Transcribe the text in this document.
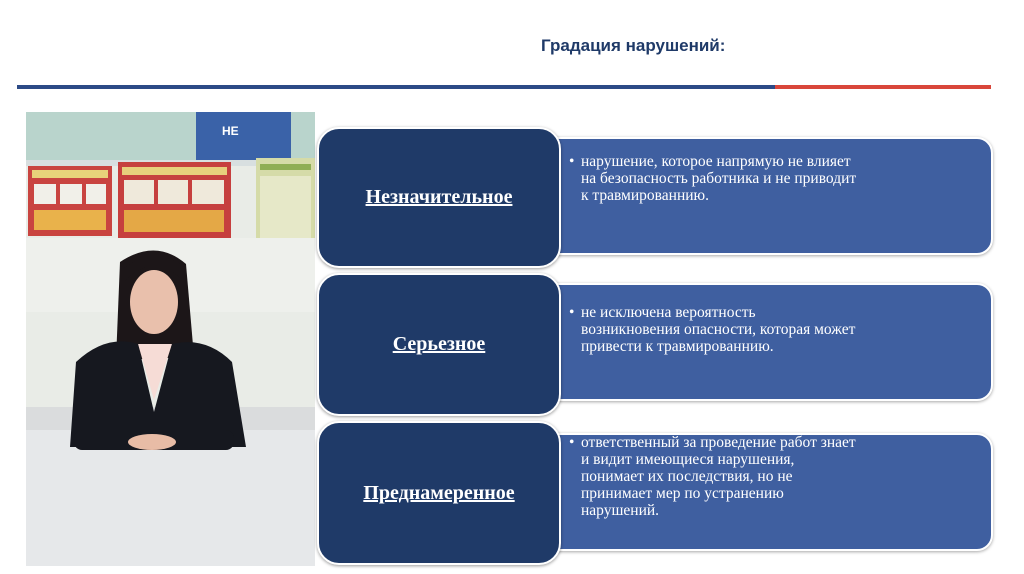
Градация нарушений:
НЕ
• нарушение, которое напрямую не влияет
на безопасность работника и не приводит
к травмированнию.
• не исключена вероятность
возникновения опасности, которая может
привести к травмированнию.
• ответственный за проведение работ знает
и видит имеющиеся нарушения,
понимает их последствия, но не
принимает мер по устранению
нарушений.
Незначительное
Серьезное
Преднамеренное
